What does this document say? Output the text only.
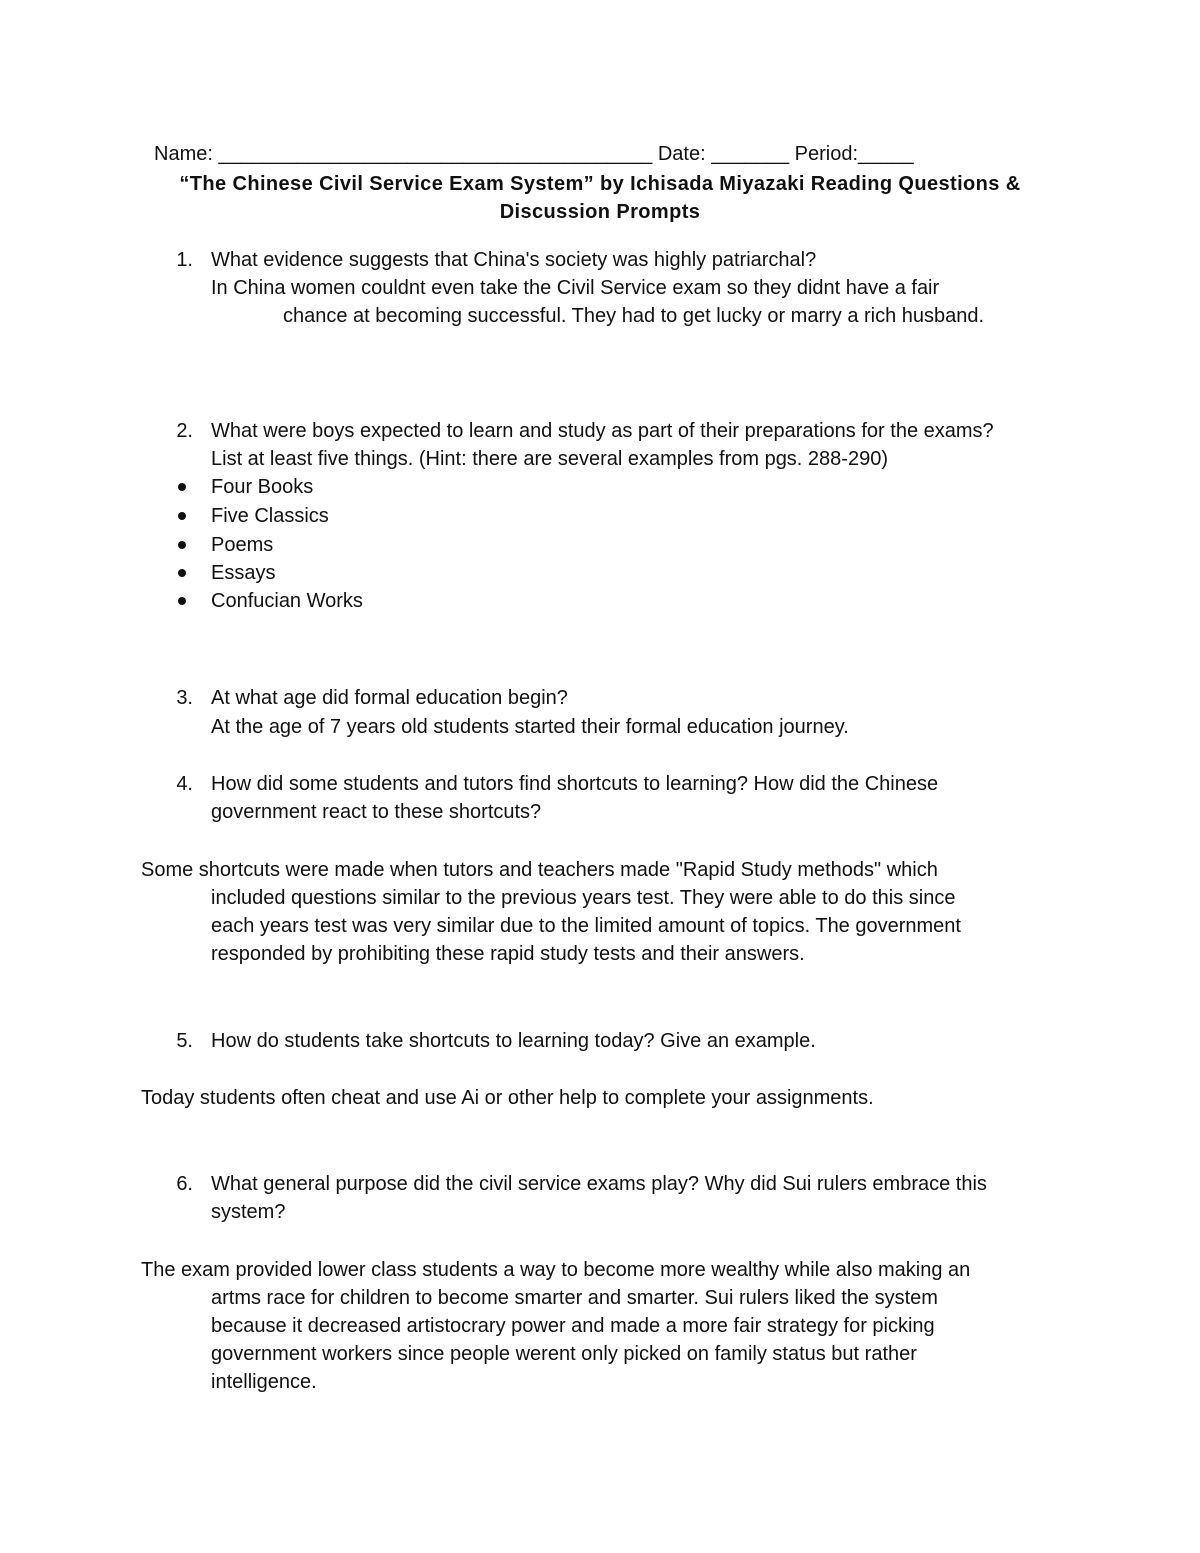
Name: _______________________________________ Date: _______ Period:_____
“The Chinese Civil Service Exam System” by Ichisada Miyazaki Reading Questions &
Discussion Prompts
1. What evidence suggests that China's society was highly patriarchal?
In China women couldnt even take the Civil Service exam so they didnt have a fair
chance at becoming successful. They had to get lucky or marry a rich husband.
2. What were boys expected to learn and study as part of their preparations for the exams?
List at least five things. (Hint: there are several examples from pgs. 288-290)
Four Books
Five Classics
Poems
Essays
Confucian Works
3. At what age did formal education begin?
At the age of 7 years old students started their formal education journey.
4. How did some students and tutors find shortcuts to learning? How did the Chinese
government react to these shortcuts?
Some shortcuts were made when tutors and teachers made "Rapid Study methods" which
included questions similar to the previous years test. They were able to do this since
each years test was very similar due to the limited amount of topics. The government
responded by prohibiting these rapid study tests and their answers.
5. How do students take shortcuts to learning today? Give an example.
Today students often cheat and use Ai or other help to complete your assignments.
6. What general purpose did the civil service exams play? Why did Sui rulers embrace this
system?
The exam provided lower class students a way to become more wealthy while also making an
artms race for children to become smarter and smarter. Sui rulers liked the system
because it decreased artistocrary power and made a more fair strategy for picking
government workers since people werent only picked on family status but rather
intelligence.
